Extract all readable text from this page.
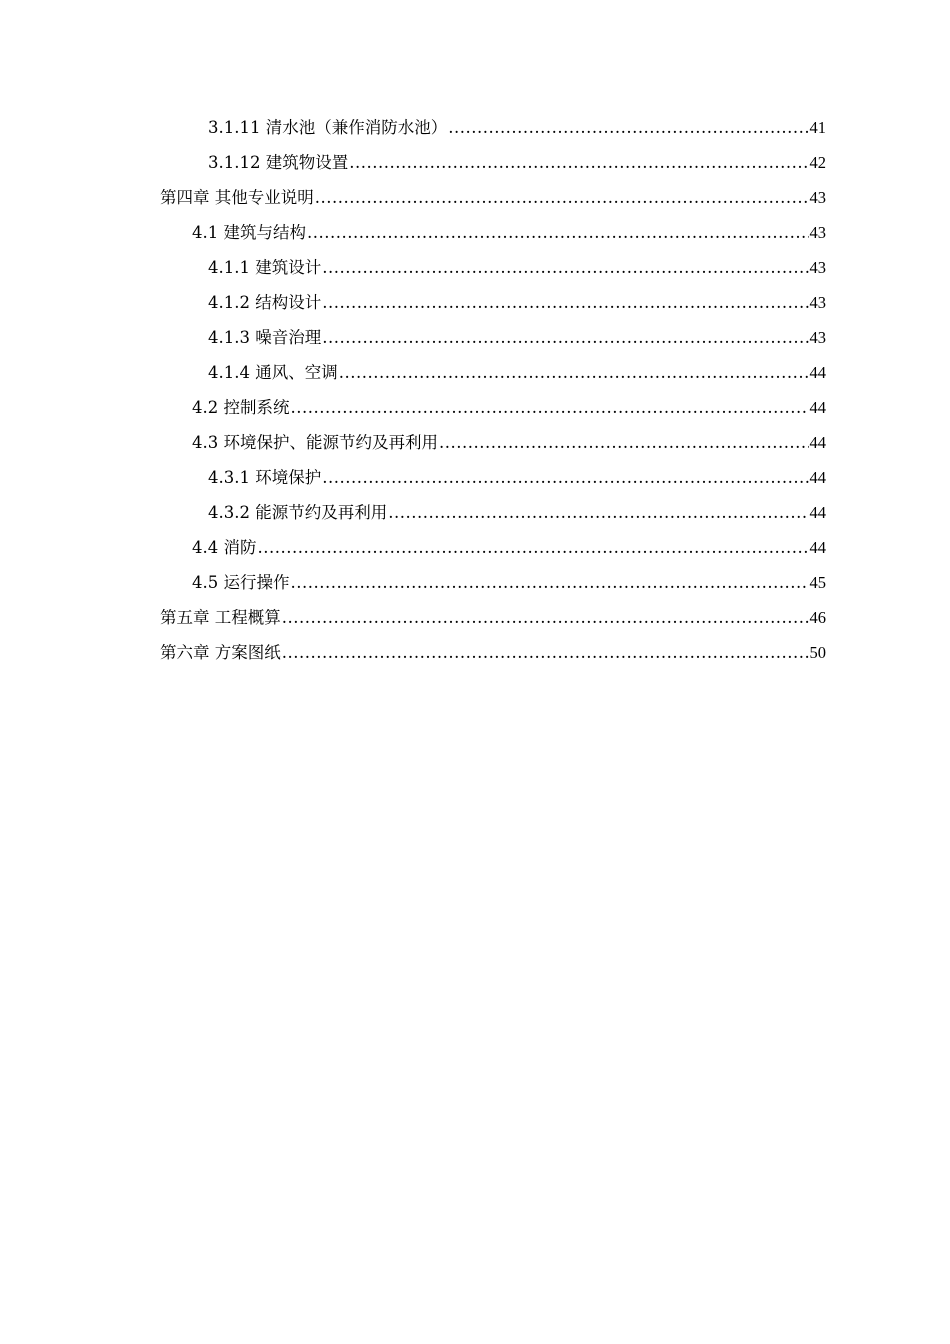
3.1.11 清水池（兼作消防水池） .....	41
3.1.12 建筑物设置 .....	42
第四章 其他专业说明 .....	43
4.1 建筑与结构 .....	43
4.1.1 建筑设计 .....	43
4.1.2 结构设计 .....	43
4.1.3 噪音治理 .....	43
4.1.4 通风、空调 .....	44
4.2 控制系统 .....	44
4.3 环境保护、能源节约及再利用 .....	44
4.3.1 环境保护 .....	44
4.3.2 能源节约及再利用 .....	44
4.4 消防 .....	44
4.5 运行操作 .....	45
第五章 工程概算 .....	46
第六章 方案图纸 .....	50
